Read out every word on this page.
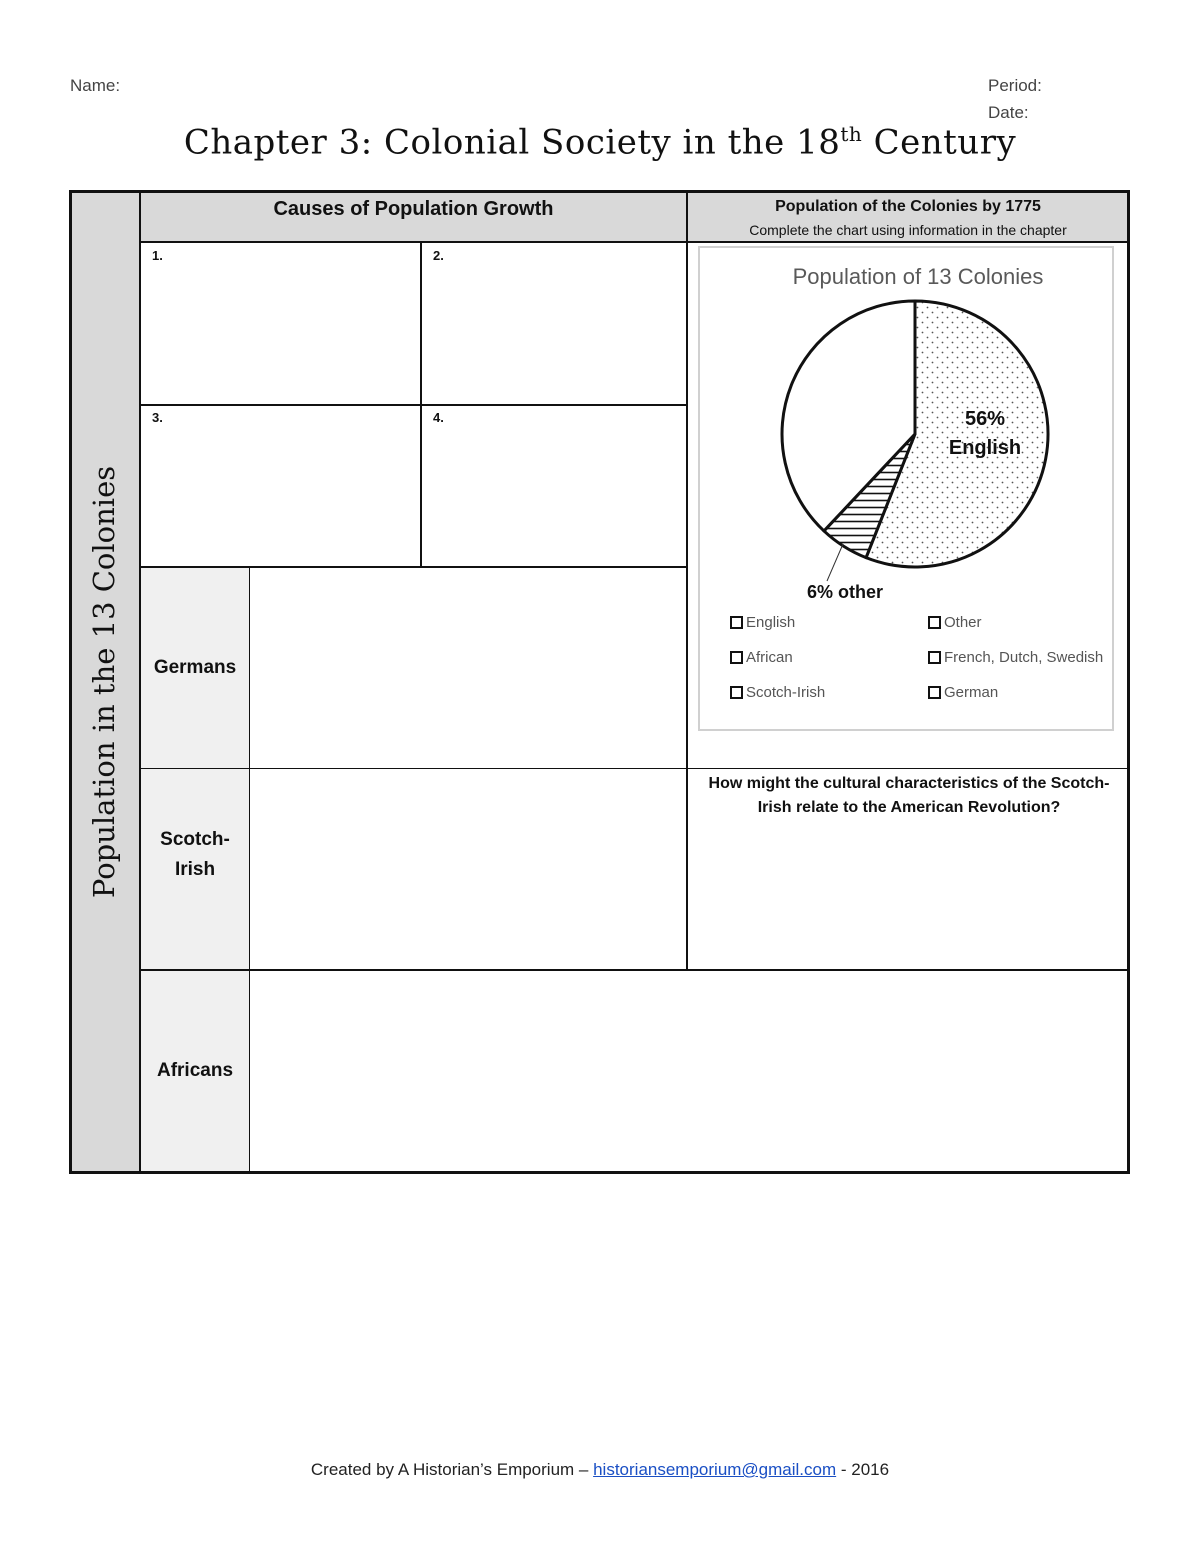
Name:	Period:
Date:
Chapter 3: Colonial Society in the 18th Century
Population in the 13 Colonies
Causes of Population Growth
1.	2.
3.	4.
Population of the Colonies by 1775
Complete the chart using information in the chapter
Population of 13 Colonies
56%
English
6% other
English	Other
African	French, Dutch, Swedish
Scotch-Irish	German
Germans
Scotch-
Irish
Africans
How might the cultural characteristics of the Scotch-Irish relate to the American Revolution?
Created by A Historian’s Emporium – historiansemporium@gmail.com - 2016
